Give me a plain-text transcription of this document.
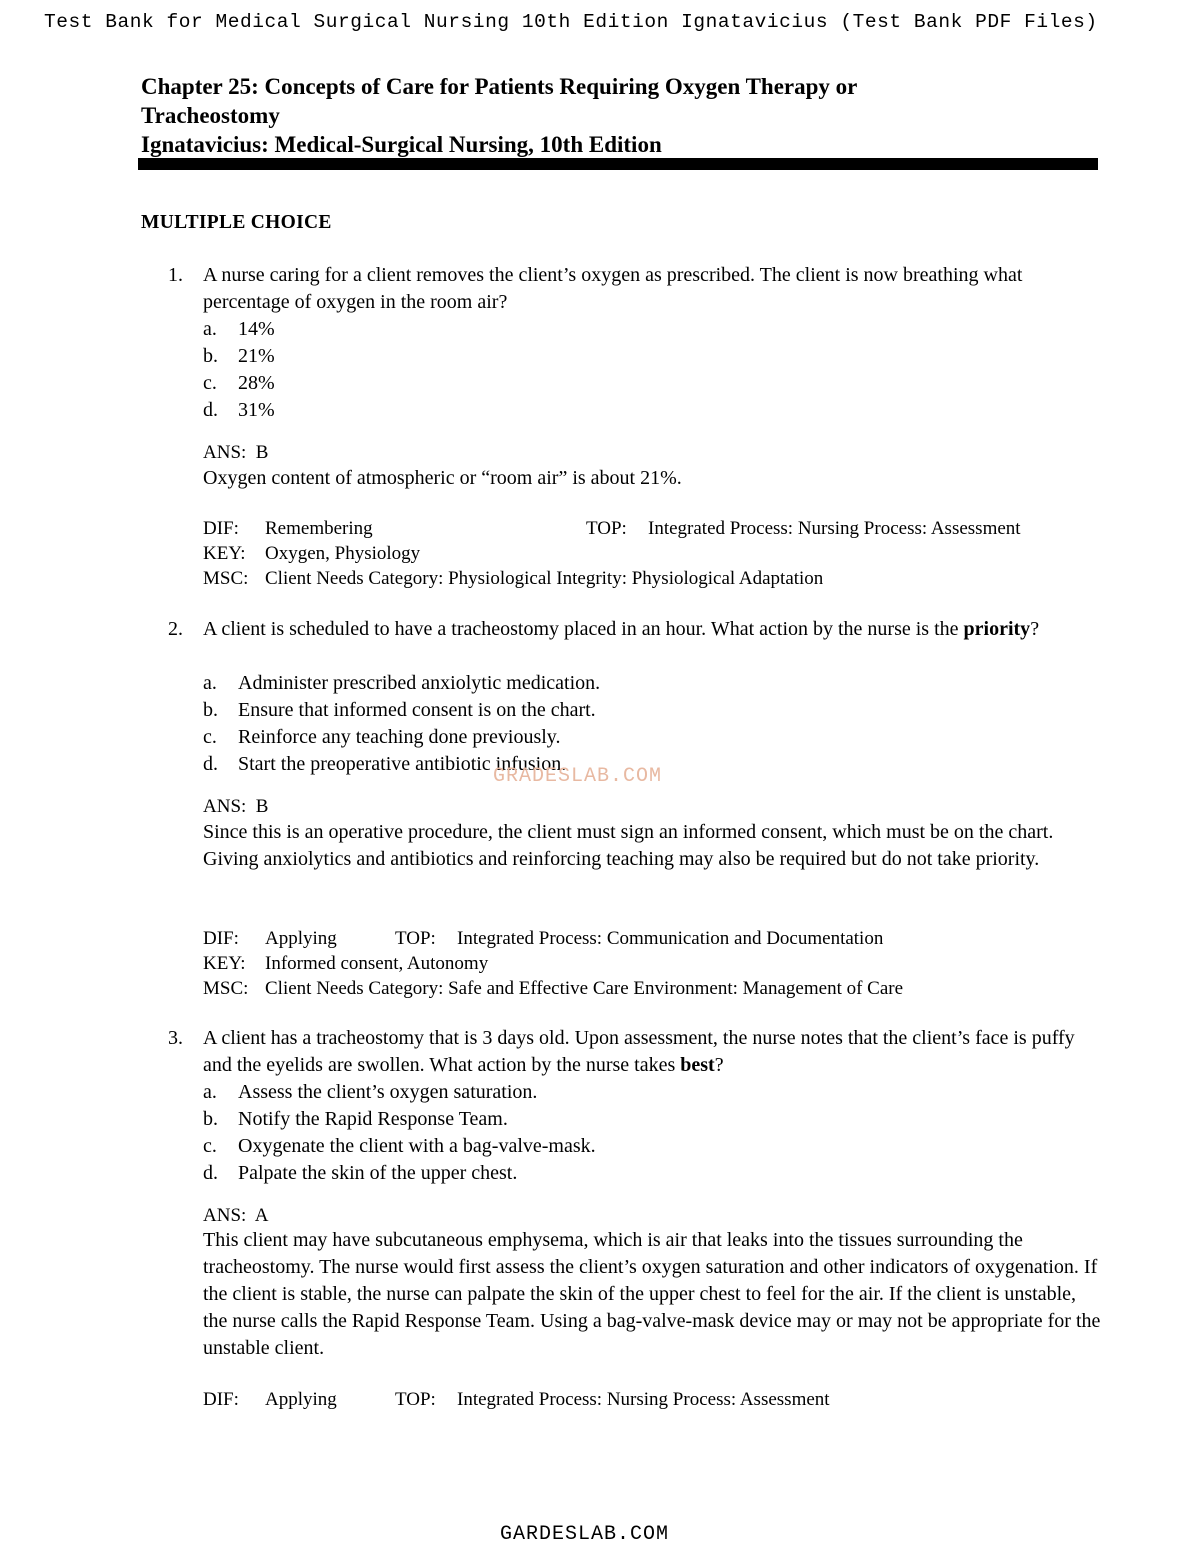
Test Bank for Medical Surgical Nursing 10th Edition Ignatavicius (Test Bank PDF Files)
Chapter 25: Concepts of Care for Patients Requiring Oxygen Therapy or
Tracheostomy
Ignatavicius: Medical-Surgical Nursing, 10th Edition
MULTIPLE CHOICE
1. A nurse caring for a client removes the client’s oxygen as prescribed. The client is now breathing what percentage of oxygen in the room air?
a. 14%
b. 21%
c. 28%
d. 31%
ANS: B
Oxygen content of atmospheric or “room air” is about 21%.
DIF: Remembering	TOP: Integrated Process: Nursing Process: Assessment
KEY: Oxygen, Physiology
MSC: Client Needs Category: Physiological Integrity: Physiological Adaptation
2. A client is scheduled to have a tracheostomy placed in an hour. What action by the nurse is the priority?
a. Administer prescribed anxiolytic medication.
b. Ensure that informed consent is on the chart.
c. Reinforce any teaching done previously.
d. Start the preoperative antibiotic infusion.
ANS: B
Since this is an operative procedure, the client must sign an informed consent, which must be on the chart. Giving anxiolytics and antibiotics and reinforcing teaching may also be required but do not take priority.
DIF: Applying	TOP: Integrated Process: Communication and Documentation
KEY: Informed consent, Autonomy
MSC: Client Needs Category: Safe and Effective Care Environment: Management of Care
3. A client has a tracheostomy that is 3 days old. Upon assessment, the nurse notes that the client’s face is puffy and the eyelids are swollen. What action by the nurse takes best?
a. Assess the client’s oxygen saturation.
b. Notify the Rapid Response Team.
c. Oxygenate the client with a bag-valve-mask.
d. Palpate the skin of the upper chest.
ANS: A
This client may have subcutaneous emphysema, which is air that leaks into the tissues surrounding the tracheostomy. The nurse would first assess the client’s oxygen saturation and other indicators of oxygenation. If the client is stable, the nurse can palpate the skin of the upper chest to feel for the air. If the client is unstable, the nurse calls the Rapid Response Team. Using a bag-valve-mask device may or may not be appropriate for the unstable client.
DIF: Applying	TOP: Integrated Process: Nursing Process: Assessment
GRADESLAB.COM
GARDESLAB.COM
